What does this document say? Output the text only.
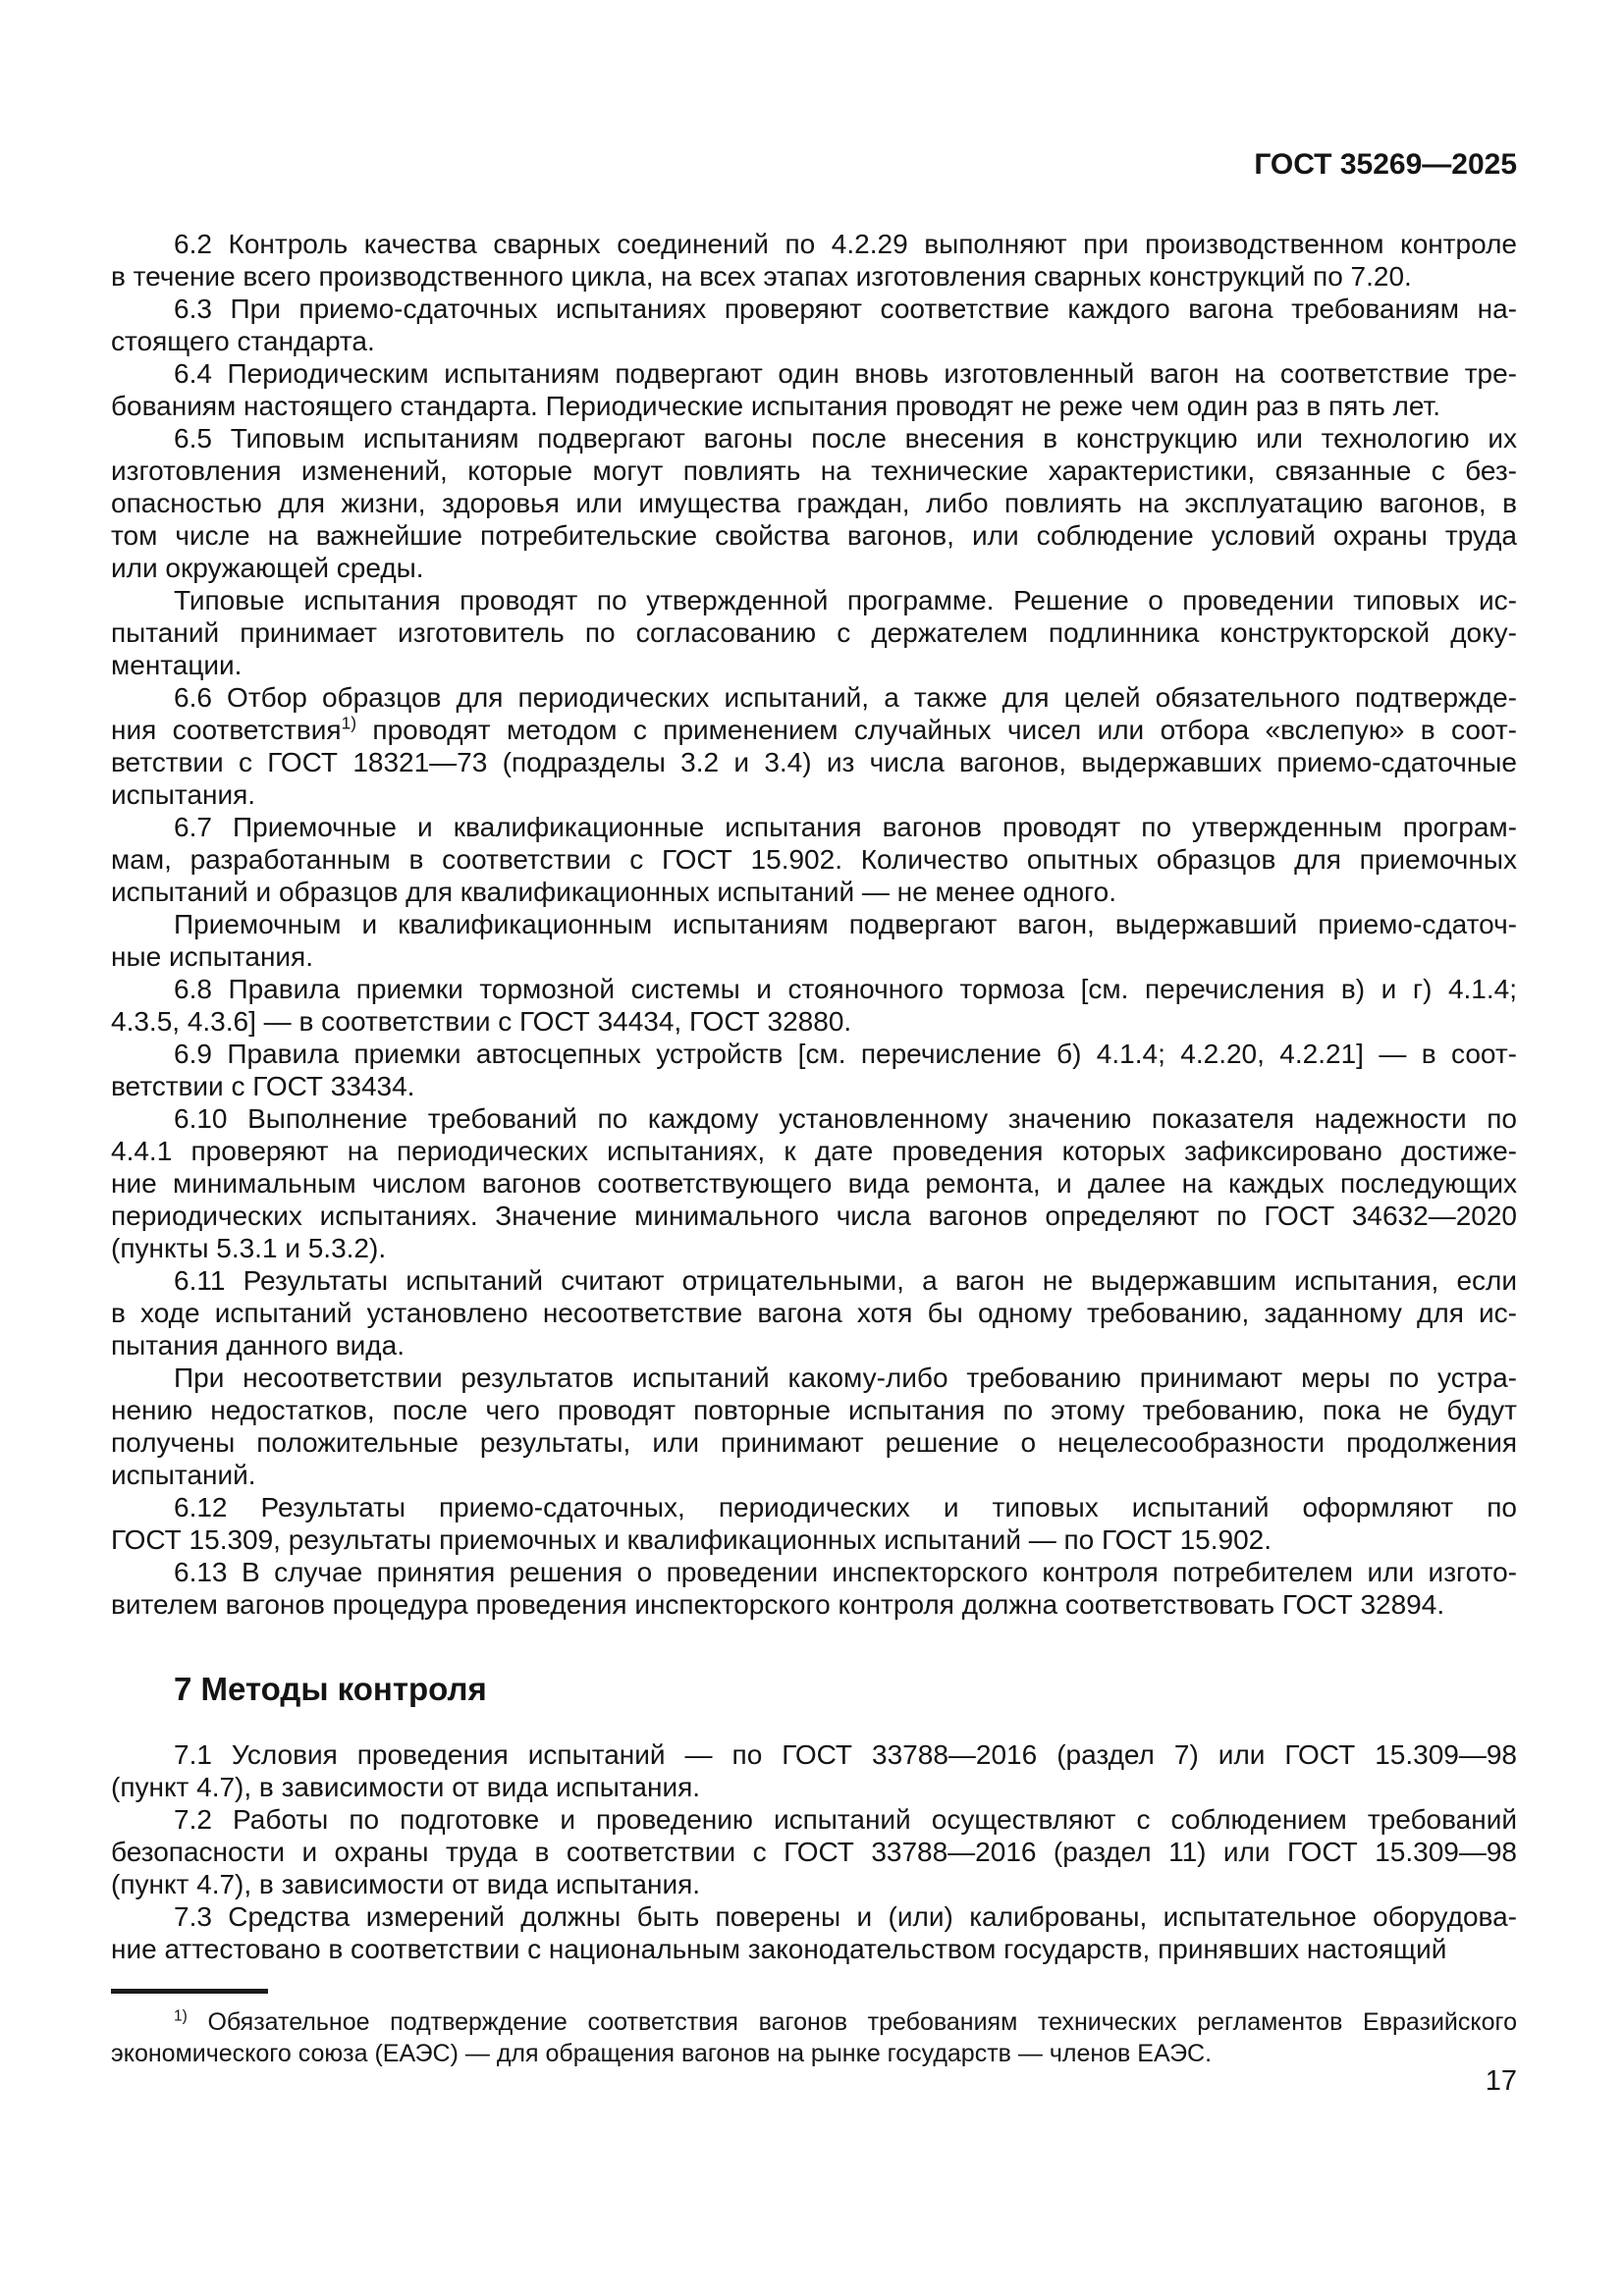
ГОСТ 35269—2025
6.2 Контроль качества сварных соединений по 4.2.29 выполняют при производственном контроле
в течение всего производственного цикла, на всех этапах изготовления сварных конструкций по 7.20.
6.3 При приемо-сдаточных испытаниях проверяют соответствие каждого вагона требованиям на-
стоящего стандарта.
6.4 Периодическим испытаниям подвергают один вновь изготовленный вагон на соответствие тре-
бованиям настоящего стандарта. Периодические испытания проводят не реже чем один раз в пять лет.
6.5 Типовым испытаниям подвергают вагоны после внесения в конструкцию или технологию их
изготовления изменений, которые могут повлиять на технические характеристики, связанные с без-
опасностью для жизни, здоровья или имущества граждан, либо повлиять на эксплуатацию вагонов, в
том числе на важнейшие потребительские свойства вагонов, или соблюдение условий охраны труда
или окружающей среды.
Типовые испытания проводят по утвержденной программе. Решение о проведении типовых ис-
пытаний принимает изготовитель по согласованию с держателем подлинника конструкторской доку-
ментации.
6.6 Отбор образцов для периодических испытаний, а также для целей обязательного подтвержде-
ния соответствия$^{1)}$ проводят методом с применением случайных чисел или отбора «вслепую» в соот-
ветствии с ГОСТ 18321—73 (подразделы 3.2 и 3.4) из числа вагонов, выдержавших приемо-сдаточные
испытания.
6.7 Приемочные и квалификационные испытания вагонов проводят по утвержденным програм-
мам, разработанным в соответствии с ГОСТ 15.902. Количество опытных образцов для приемочных
испытаний и образцов для квалификационных испытаний — не менее одного.
Приемочным и квалификационным испытаниям подвергают вагон, выдержавший приемо-сдаточ-
ные испытания.
6.8 Правила приемки тормозной системы и стояночного тормоза [см. перечисления в) и г) 4.1.4;
4.3.5, 4.3.6] — в соответствии с ГОСТ 34434, ГОСТ 32880.
6.9 Правила приемки автосцепных устройств [см. перечисление б) 4.1.4; 4.2.20, 4.2.21] — в соот-
ветствии с ГОСТ 33434.
6.10 Выполнение требований по каждому установленному значению показателя надежности по
4.4.1 проверяют на периодических испытаниях, к дате проведения которых зафиксировано достиже-
ние минимальным числом вагонов соответствующего вида ремонта, и далее на каждых последующих
периодических испытаниях. Значение минимального числа вагонов определяют по ГОСТ 34632—2020
(пункты 5.3.1 и 5.3.2).
6.11 Результаты испытаний считают отрицательными, а вагон не выдержавшим испытания, если
в ходе испытаний установлено несоответствие вагона хотя бы одному требованию, заданному для ис-
пытания данного вида.
При несоответствии результатов испытаний какому-либо требованию принимают меры по устра-
нению недостатков, после чего проводят повторные испытания по этому требованию, пока не будут
получены положительные результаты, или принимают решение о нецелесообразности продолжения
испытаний.
6.12 Результаты приемо-сдаточных, периодических и типовых испытаний оформляют по
ГОСТ 15.309, результаты приемочных и квалификационных испытаний — по ГОСТ 15.902.
6.13 В случае принятия решения о проведении инспекторского контроля потребителем или изгото-
вителем вагонов процедура проведения инспекторского контроля должна соответствовать ГОСТ 32894.
7 Методы контроля
7.1 Условия проведения испытаний — по ГОСТ 33788—2016 (раздел 7) или ГОСТ 15.309—98
(пункт 4.7), в зависимости от вида испытания.
7.2 Работы по подготовке и проведению испытаний осуществляют с соблюдением требований
безопасности и охраны труда в соответствии с ГОСТ 33788—2016 (раздел 11) или ГОСТ 15.309—98
(пункт 4.7), в зависимости от вида испытания.
7.3 Средства измерений должны быть поверены и (или) калиброваны, испытательное оборудова-
ние аттестовано в соответствии с национальным законодательством государств, принявших настоящий
$^{1)}$ Обязательное подтверждение соответствия вагонов требованиям технических регламентов Евразийского
экономического союза (ЕАЭС) — для обращения вагонов на рынке государств — членов ЕАЭС.
17
